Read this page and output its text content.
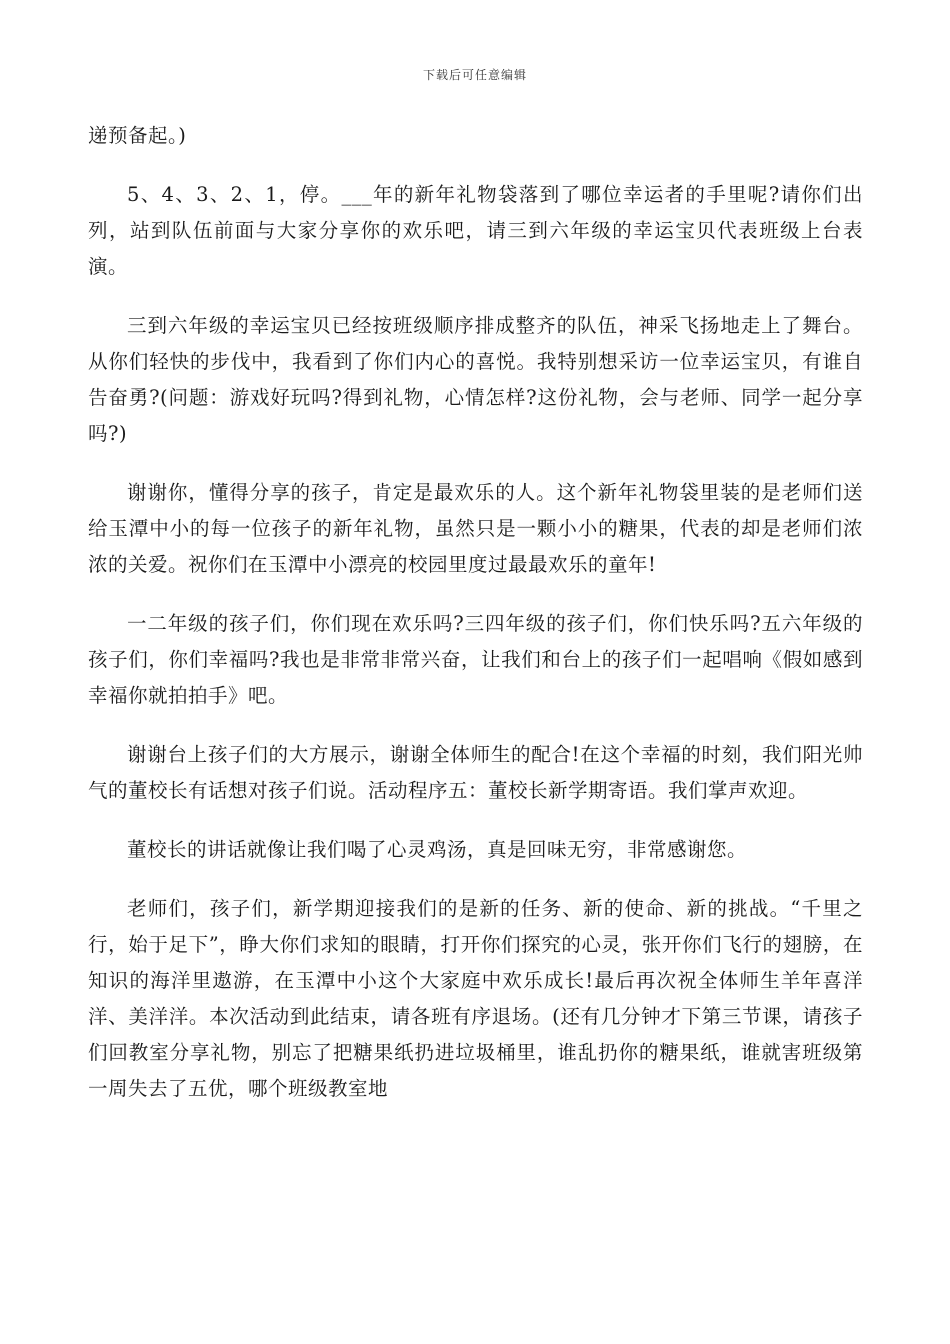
下载后可任意编辑

递预备起。)

5、4、3、2、1，停。___年的新年礼物袋落到了哪位幸运者的手里呢?请你们出列，站到队伍前面与大家分享你的欢乐吧，请三到六年级的幸运宝贝代表班级上台表演。

三到六年级的幸运宝贝已经按班级顺序排成整齐的队伍，神采飞扬地走上了舞台。从你们轻快的步伐中，我看到了你们内心的喜悦。我特别想采访一位幸运宝贝，有谁自告奋勇?(问题：游戏好玩吗?得到礼物，心情怎样?这份礼物，会与老师、同学一起分享吗?)

谢谢你，懂得分享的孩子，肯定是最欢乐的人。这个新年礼物袋里装的是老师们送给玉潭中小的每一位孩子的新年礼物，虽然只是一颗小小的糖果，代表的却是老师们浓浓的关爱。祝你们在玉潭中小漂亮的校园里度过最最欢乐的童年!

一二年级的孩子们，你们现在欢乐吗?三四年级的孩子们，你们快乐吗?五六年级的孩子们，你们幸福吗?我也是非常非常兴奋，让我们和台上的孩子们一起唱响《假如感到幸福你就拍拍手》吧。

谢谢台上孩子们的大方展示，谢谢全体师生的配合!在这个幸福的时刻，我们阳光帅气的董校长有话想对孩子们说。活动程序五：董校长新学期寄语。我们掌声欢迎。

董校长的讲话就像让我们喝了心灵鸡汤，真是回味无穷，非常感谢您。

老师们，孩子们，新学期迎接我们的是新的任务、新的使命、新的挑战。“千里之行，始于足下”，睁大你们求知的眼睛，打开你们探究的心灵，张开你们飞行的翅膀，在知识的海洋里遨游，在玉潭中小这个大家庭中欢乐成长!最后再次祝全体师生羊年喜洋洋、美洋洋。本次活动到此结束，请各班有序退场。(还有几分钟才下第三节课，请孩子们回教室分享礼物，别忘了把糖果纸扔进垃圾桶里，谁乱扔你的糖果纸，谁就害班级第一周失去了五优，哪个班级教室地
